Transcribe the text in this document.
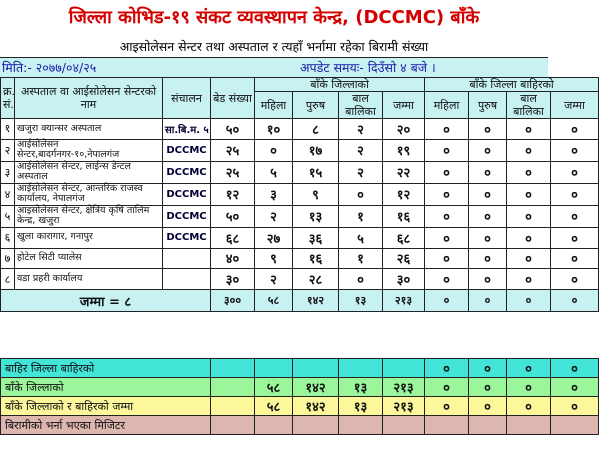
जिल्ला कोभिड-१९ संकट व्यवस्थापन केन्द्र, (DCCMC) बाँके
आइसोलेसन सेन्टर तथा अस्पताल र त्यहाँ भर्नामा रहेका बिरामी संख्या
मिति:- २०७७/०४/२५	अपडेट समयः- दिउँसो ४ बजे ।
क्र. सं.	अस्पताल वा आईसोलेसन सेन्टरको नाम	संचालन	बेड संख्या	बाँके जिल्लाको				बाँके जिल्ला बाहिरको			
				महिला	पुरुष	बाल बालिका	जम्मा	महिला	पुरुष	बाल बालिका	जम्मा
१	खजुरा क्यान्सर अस्पताल	सा.बि.म. ५	५०	१०	८	२	२०	०	०	०	०
२	आईसोलेसन सेन्टर,बादर्गनगर-१०,नेपालगंज	DCCMC	२५	०	१७	२	१९	०	०	०	०
३	आईसोलेसन सेन्टर, लाईन्स डेन्टल अस्पताल	DCCMC	२५	५	१५	२	२२	०	०	०	०
४	आईसोलेसन सेन्टर, आन्तरिक राजस्व कार्यालय, नेपालगंज	DCCMC	१२	३	९	०	१२	०	०	०	०
५	आइसोलेसन सेन्टर, क्षेत्रिय कृषि तालिम केन्द्र, खजुरा	DCCMC	५०	२	१३	१	१६	०	०	०	०
६	खुला कारागार, गनापुर	DCCMC	६८	२७	३६	५	६८	०	०	०	०
७	होटेल सिटी प्यालेस		४०	९	१६	१	२६	०	०	०	०
८	वडा प्रहरी कार्यालय		३०	२	२८	०	३०	०	०	०	०
जम्मा = ८			३००	५८	१४२	१३	२१३	०	०	०	०
बाहिर जिल्ला बाहिरको						०	०	०	०
बाँके जिल्लाको		५८	१४२	१३	२१३	०	०	०	०
बाँके जिल्लाको र बाहिरको जम्मा		५८	१४२	१३	२१३	०	०	०	०
बिरामीको भर्ना भएका मिजिटर									
